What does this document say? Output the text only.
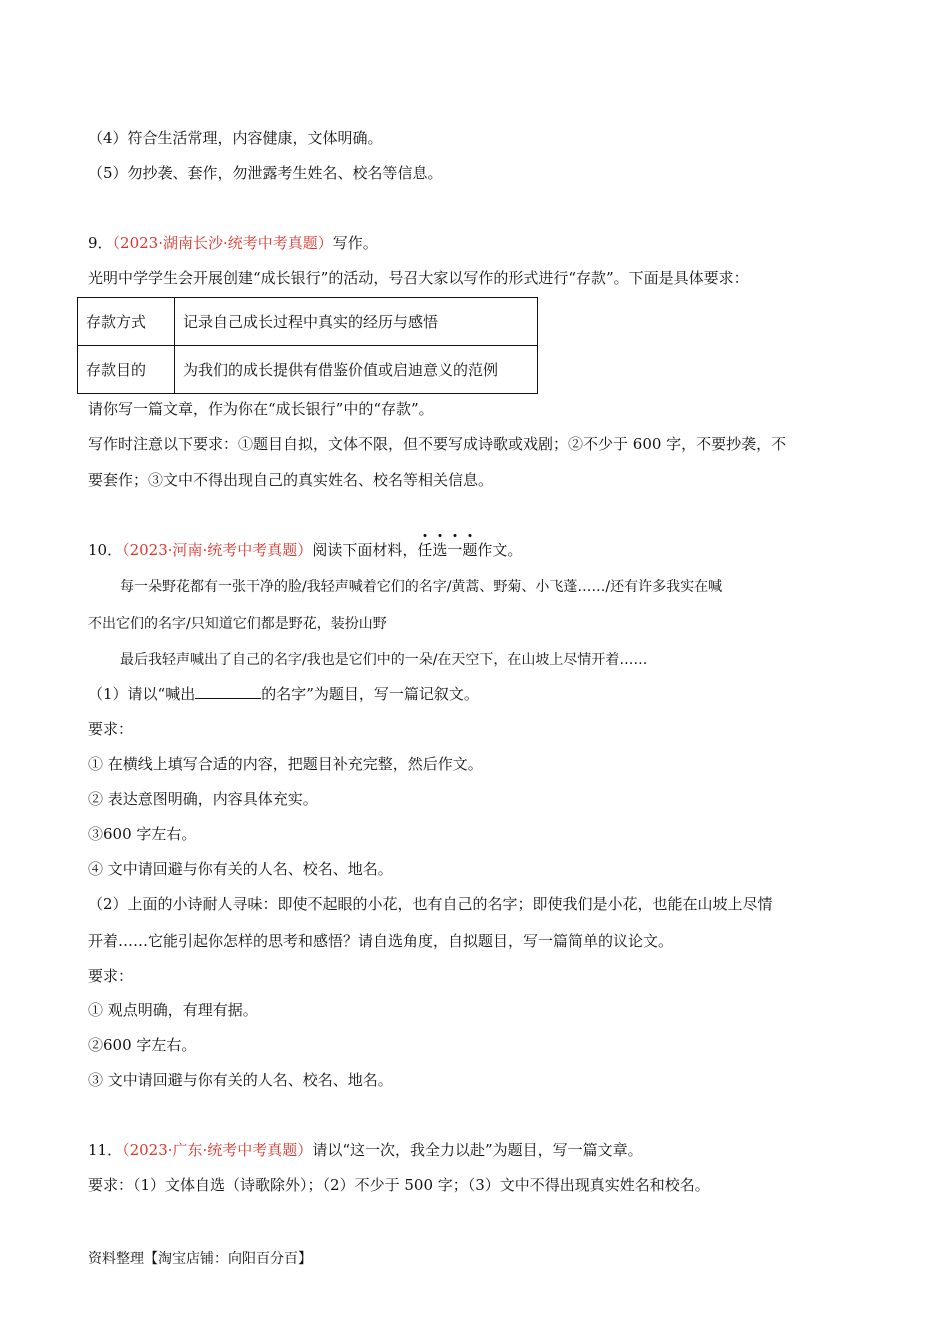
（4）符合生活常理，内容健康，文体明确。
（5）勿抄袭、套作，勿泄露考生姓名、校名等信息。
9．（2023·湖南长沙·统考中考真题）写作。
光明中学学生会开展创建“成长银行”的活动，号召大家以写作的形式进行“存款”。下面是具体要求：
存款方式	记录自己成长过程中真实的经历与感悟
存款目的	为我们的成长提供有借鉴价值或启迪意义的范例
请你写一篇文章，作为你在“成长银行”中的“存款”。
写作时注意以下要求：①题目自拟，文体不限，但不要写成诗歌或戏剧；②不少于 600 字，不要抄袭，不
要套作；③文中不得出现自己的真实姓名、校名等相关信息。
10．（2023·河南·统考中考真题）阅读下面材料，任
选
一
题
作文。
每一朵野花都有一张干净的脸/我轻声喊着它们的名字/黄蒿、野菊、小飞蓬……/还有许多我实在喊
不出它们的名字/只知道它们都是野花，装扮山野
最后我轻声喊出了自己的名字/我也是它们中的一朵/在天空下，在山坡上尽情开着……
（1）请以“喊出	的名字”为题目，写一篇记叙文。
要求：
① 在横线上填写合适的内容，把题目补充完整，然后作文。
② 表达意图明确，内容具体充实。
③600 字左右。
④ 文中请回避与你有关的人名、校名、地名。
（2）上面的小诗耐人寻味：即使不起眼的小花，也有自己的名字；即使我们是小花，也能在山坡上尽情
开着……它能引起你怎样的思考和感悟？请自选角度，自拟题目，写一篇简单的议论文。
要求：
① 观点明确，有理有据。
②600 字左右。
③ 文中请回避与你有关的人名、校名、地名。
11．（2023·广东·统考中考真题）请以“这一次，我全力以赴”为题目，写一篇文章。
要求：（1）文体自选（诗歌除外）；（2）不少于 500 字；（3）文中不得出现真实姓名和校名。
资料整理【淘宝店铺：向阳百分百】
